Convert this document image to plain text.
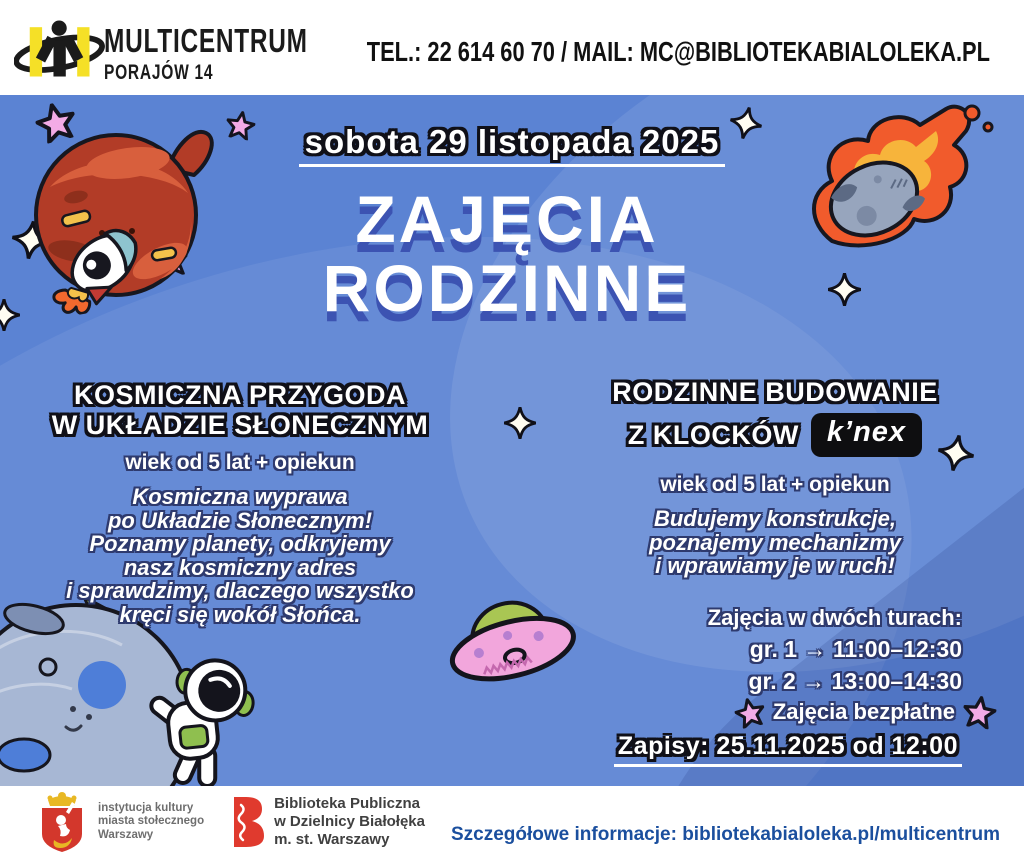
MULTICENTRUM
PORAJÓW 14
TEL.: 22 614 60 70 / MAIL: MC@BIBLIOTEKABIALOLEKA.PL
sobota 29 listopada 2025
ZAJĘCIA
RODZINNE
KOSMICZNA PRZYGODA
W UKŁADZIE SŁONECZNYM
wiek od 5 lat + opiekun
Kosmiczna wyprawa
po Układzie Słonecznym!
Poznamy planety, odkryjemy
nasz kosmiczny adres
i sprawdzimy, dlaczego wszystko
kręci się wokół Słońca.
RODZINNE BUDOWANIE
Z KLOCKÓW k’nex
wiek od 5 lat + opiekun
Budujemy konstrukcje,
poznajemy mechanizmy
i wprawiamy je w ruch!
Zajęcia w dwóch turach:
gr. 1 → 11:00–12:30
gr. 2 → 13:00–14:30
Zajęcia bezpłatne
Zapisy: 25.11.2025 od 12:00
instytucja kultury
miasta stołecznego
Warszawy
Biblioteka Publiczna
w Dzielnicy Białołęka
m. st. Warszawy	Szczegółowe informacje: bibliotekabialoleka.pl/multicentrum
